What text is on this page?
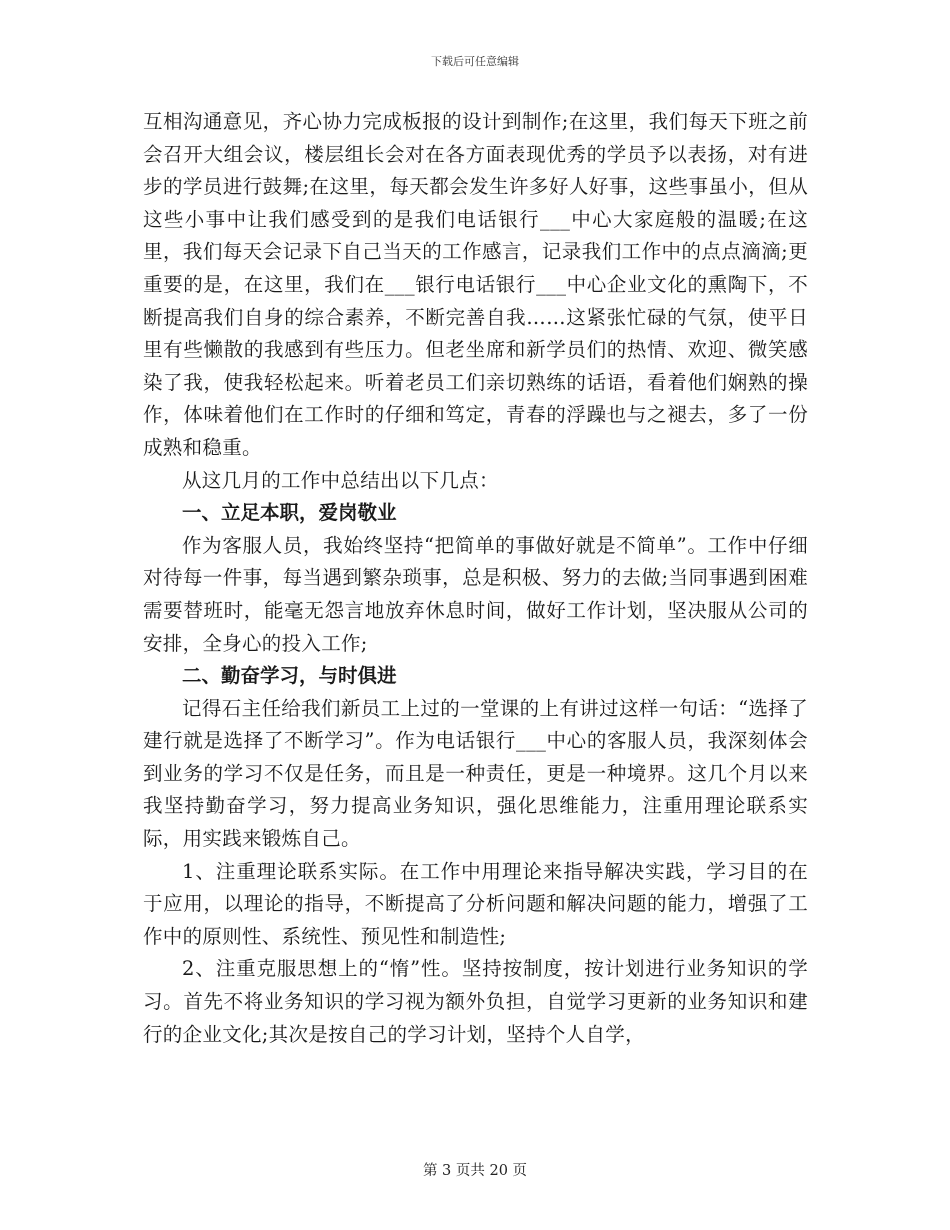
下载后可任意编辑

互相沟通意见，齐心协力完成板报的设计到制作;在这里，我们每天下班之前会召开大组会议，楼层组长会对在各方面表现优秀的学员予以表扬，对有进步的学员进行鼓舞;在这里，每天都会发生许多好人好事，这些事虽小，但从这些小事中让我们感受到的是我们电话银行___中心大家庭般的温暖;在这里，我们每天会记录下自己当天的工作感言，记录我们工作中的点点滴滴;更重要的是，在这里，我们在___银行电话银行___中心企业文化的熏陶下，不断提高我们自身的综合素养，不断完善自我……这紧张忙碌的气氛，使平日里有些懒散的我感到有些压力。但老坐席和新学员们的热情、欢迎、微笑感染了我，使我轻松起来。听着老员工们亲切熟练的话语，看着他们娴熟的操作，体味着他们在工作时的仔细和笃定，青春的浮躁也与之褪去，多了一份成熟和稳重。

从这几月的工作中总结出以下几点：

一、立足本职，爱岗敬业

作为客服人员，我始终坚持“把简单的事做好就是不简单”。工作中仔细对待每一件事，每当遇到繁杂琐事，总是积极、努力的去做;当同事遇到困难需要替班时，能毫无怨言地放弃休息时间，做好工作计划，坚决服从公司的安排，全身心的投入工作;

二、勤奋学习，与时俱进

记得石主任给我们新员工上过的一堂课的上有讲过这样一句话：“选择了建行就是选择了不断学习”。作为电话银行___中心的客服人员，我深刻体会到业务的学习不仅是任务，而且是一种责任，更是一种境界。这几个月以来我坚持勤奋学习，努力提高业务知识，强化思维能力，注重用理论联系实际，用实践来锻炼自己。

1、注重理论联系实际。在工作中用理论来指导解决实践，学习目的在于应用，以理论的指导，不断提高了分析问题和解决问题的能力，增强了工作中的原则性、系统性、预见性和制造性;

2、注重克服思想上的“惰”性。坚持按制度，按计划进行业务知识的学习。首先不将业务知识的学习视为额外负担，自觉学习更新的业务知识和建行的企业文化;其次是按自己的学习计划，坚持个人自学，

第 3 页共 20 页
